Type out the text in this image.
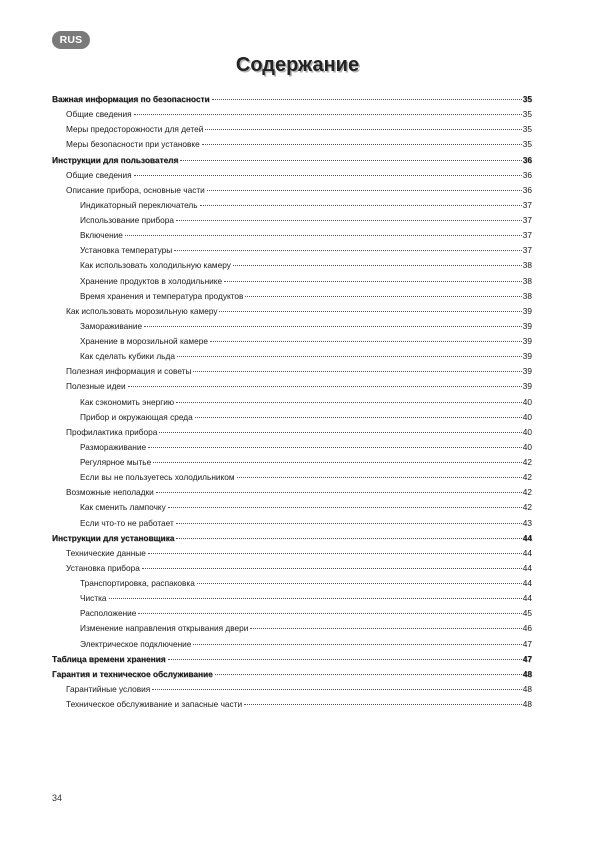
RUS
Содержание
Важная информация по безопасности	35
Общие сведения	35
Меры предосторожности для детей	35
Меры безопасности при установке	35
Инструкции для пользователя	36
Общие сведения	36
Описание прибора, основные части	36
Индикаторный переключатель	37
Использование прибора	37
Включение	37
Установка температуры	37
Как использовать холодильную камеру	38
Хранение продуктов в холодильнике	38
Время хранения и температура продуктов	38
Как использовать морозильную камеру	39
Замораживание	39
Хранение в морозильной камере	39
Как сделать кубики льда	39
Полезная информация и советы	39
Полезные идеи	39
Как сэкономить энергию	40
Прибор и окружающая среда	40
Профилактика прибора	40
Размораживание	40
Регулярное мытье	42
Если вы не пользуетесь холодильником	42
Возможные неполадки	42
Как сменить лампочку	42
Если что-то не работает	43
Инструкции для установщика	44
Технические данные	44
Установка прибора	44
Транспортировка, распаковка	44
Чистка	44
Расположение	45
Изменение направления открывания двери	46
Электрическое подключение	47
Таблица времени хранения	47
Гарантия и техническое обслуживание	48
Гарантийные условия	48
Техническое обслуживание и запасные части	48
34
